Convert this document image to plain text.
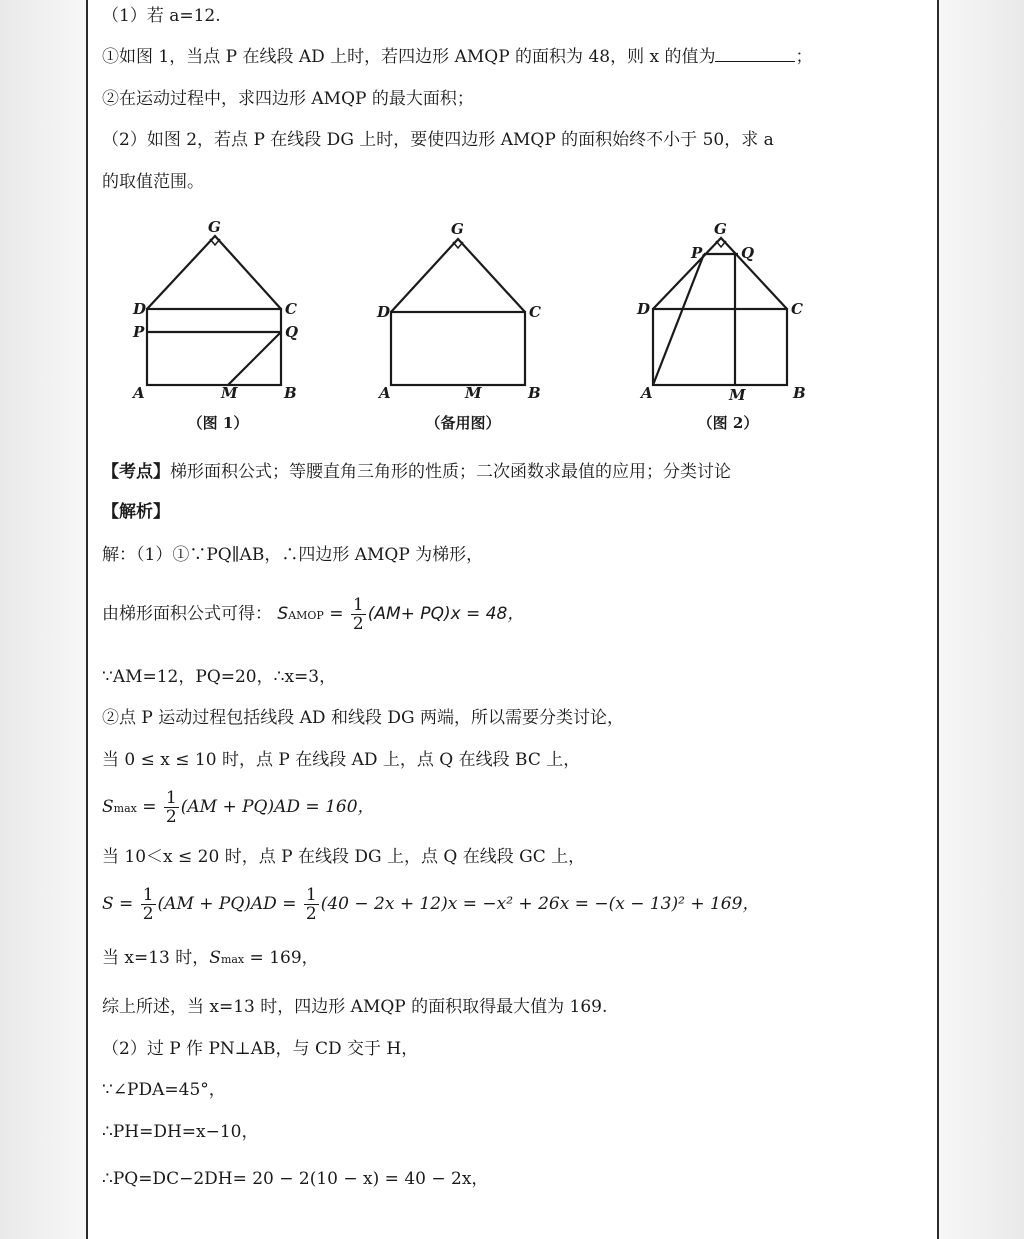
（1）若 a=12.
①如图 1，当点 P 在线段 AD 上时，若四边形 AMQP 的面积为 48，则 x 的值为	；
②在运动过程中，求四边形 AMQP 的最大面积；
（2）如图 2，若点 P 在线段 DG 上时，要使四边形 AMQP 的面积始终不小于 50，求 a
的取值范围。
G
D	C
P	Q
A	M	B
（图 1）
G
D	C
A	M	B
（备用图）
G
P	Q
D	C
A	M	B
（图 2）
【考点】梯形面积公式；等腰直角三角形的性质；二次函数求最值的应用；分类讨论
【解析】
解：（1）①∵PQ∥AB，∴四边形 AMQP 为梯形，
由梯形面积公式可得： SAMOP = $\frac{1}{2} (AM+ PQ)x = 48$，
∵AM=12，PQ=20，∴x=3，
②点 P 运动过程包括线段 AD 和线段 DG 两端，所以需要分类讨论，
当 0 ≤ x ≤ 10 时，点 P 在线段 AD 上，点 Q 在线段 BC 上，
$Smax = \frac{1}{2} (AM + PQ)AD = 160$，
当 10＜x ≤ 20 时，点 P 在线段 DG 上，点 Q 在线段 GC 上，
$S = \frac{1}{2} (AM + PQ)AD = \frac{1}{2} (40 - 2x + 12)x = -x^2 + 26x = -(x - 13)^2 + 169$，
当 x=13 时，Smax = 169，
综上所述，当 x=13 时，四边形 AMQP 的面积取得最大值为 169.
（2）过 P 作 PN⊥AB，与 CD 交于 H，
∵∠PDA=45°，
∴PH=DH=x−10，
∴PQ=DC−2DH= 20 − 2(10 − x) = 40 − 2x，
